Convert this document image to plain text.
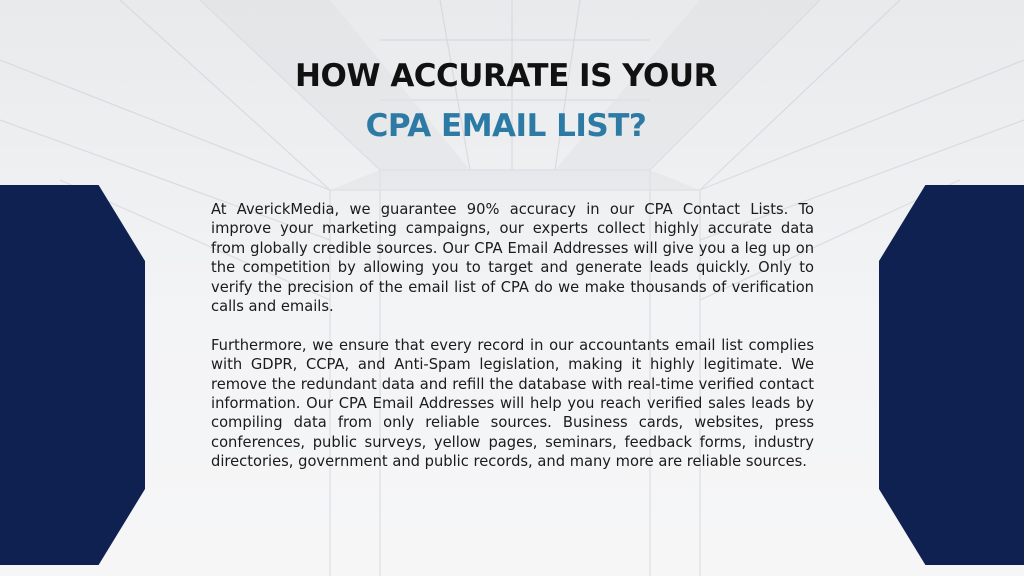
HOW ACCURATE IS YOUR
CPA EMAIL LIST?

At AverickMedia, we guarantee 90% accuracy in our CPA Contact Lists. To improve your marketing campaigns, our experts collect highly accurate data from globally credible sources. Our CPA Email Addresses will give you a leg up on the competition by allowing you to target and generate leads quickly. Only to verify the precision of the email list of CPA do we make thousands of verification calls and emails.

Furthermore, we ensure that every record in our accountants email list complies with GDPR, CCPA, and Anti-Spam legislation, making it highly legitimate. We remove the redundant data and refill the database with real-time verified contact information. Our CPA Email Addresses will help you reach verified sales leads by compiling data from only reliable sources. Business cards, websites, press conferences, public surveys, yellow pages, seminars, feedback forms, industry directories, government and public records, and many more are reliable sources.
